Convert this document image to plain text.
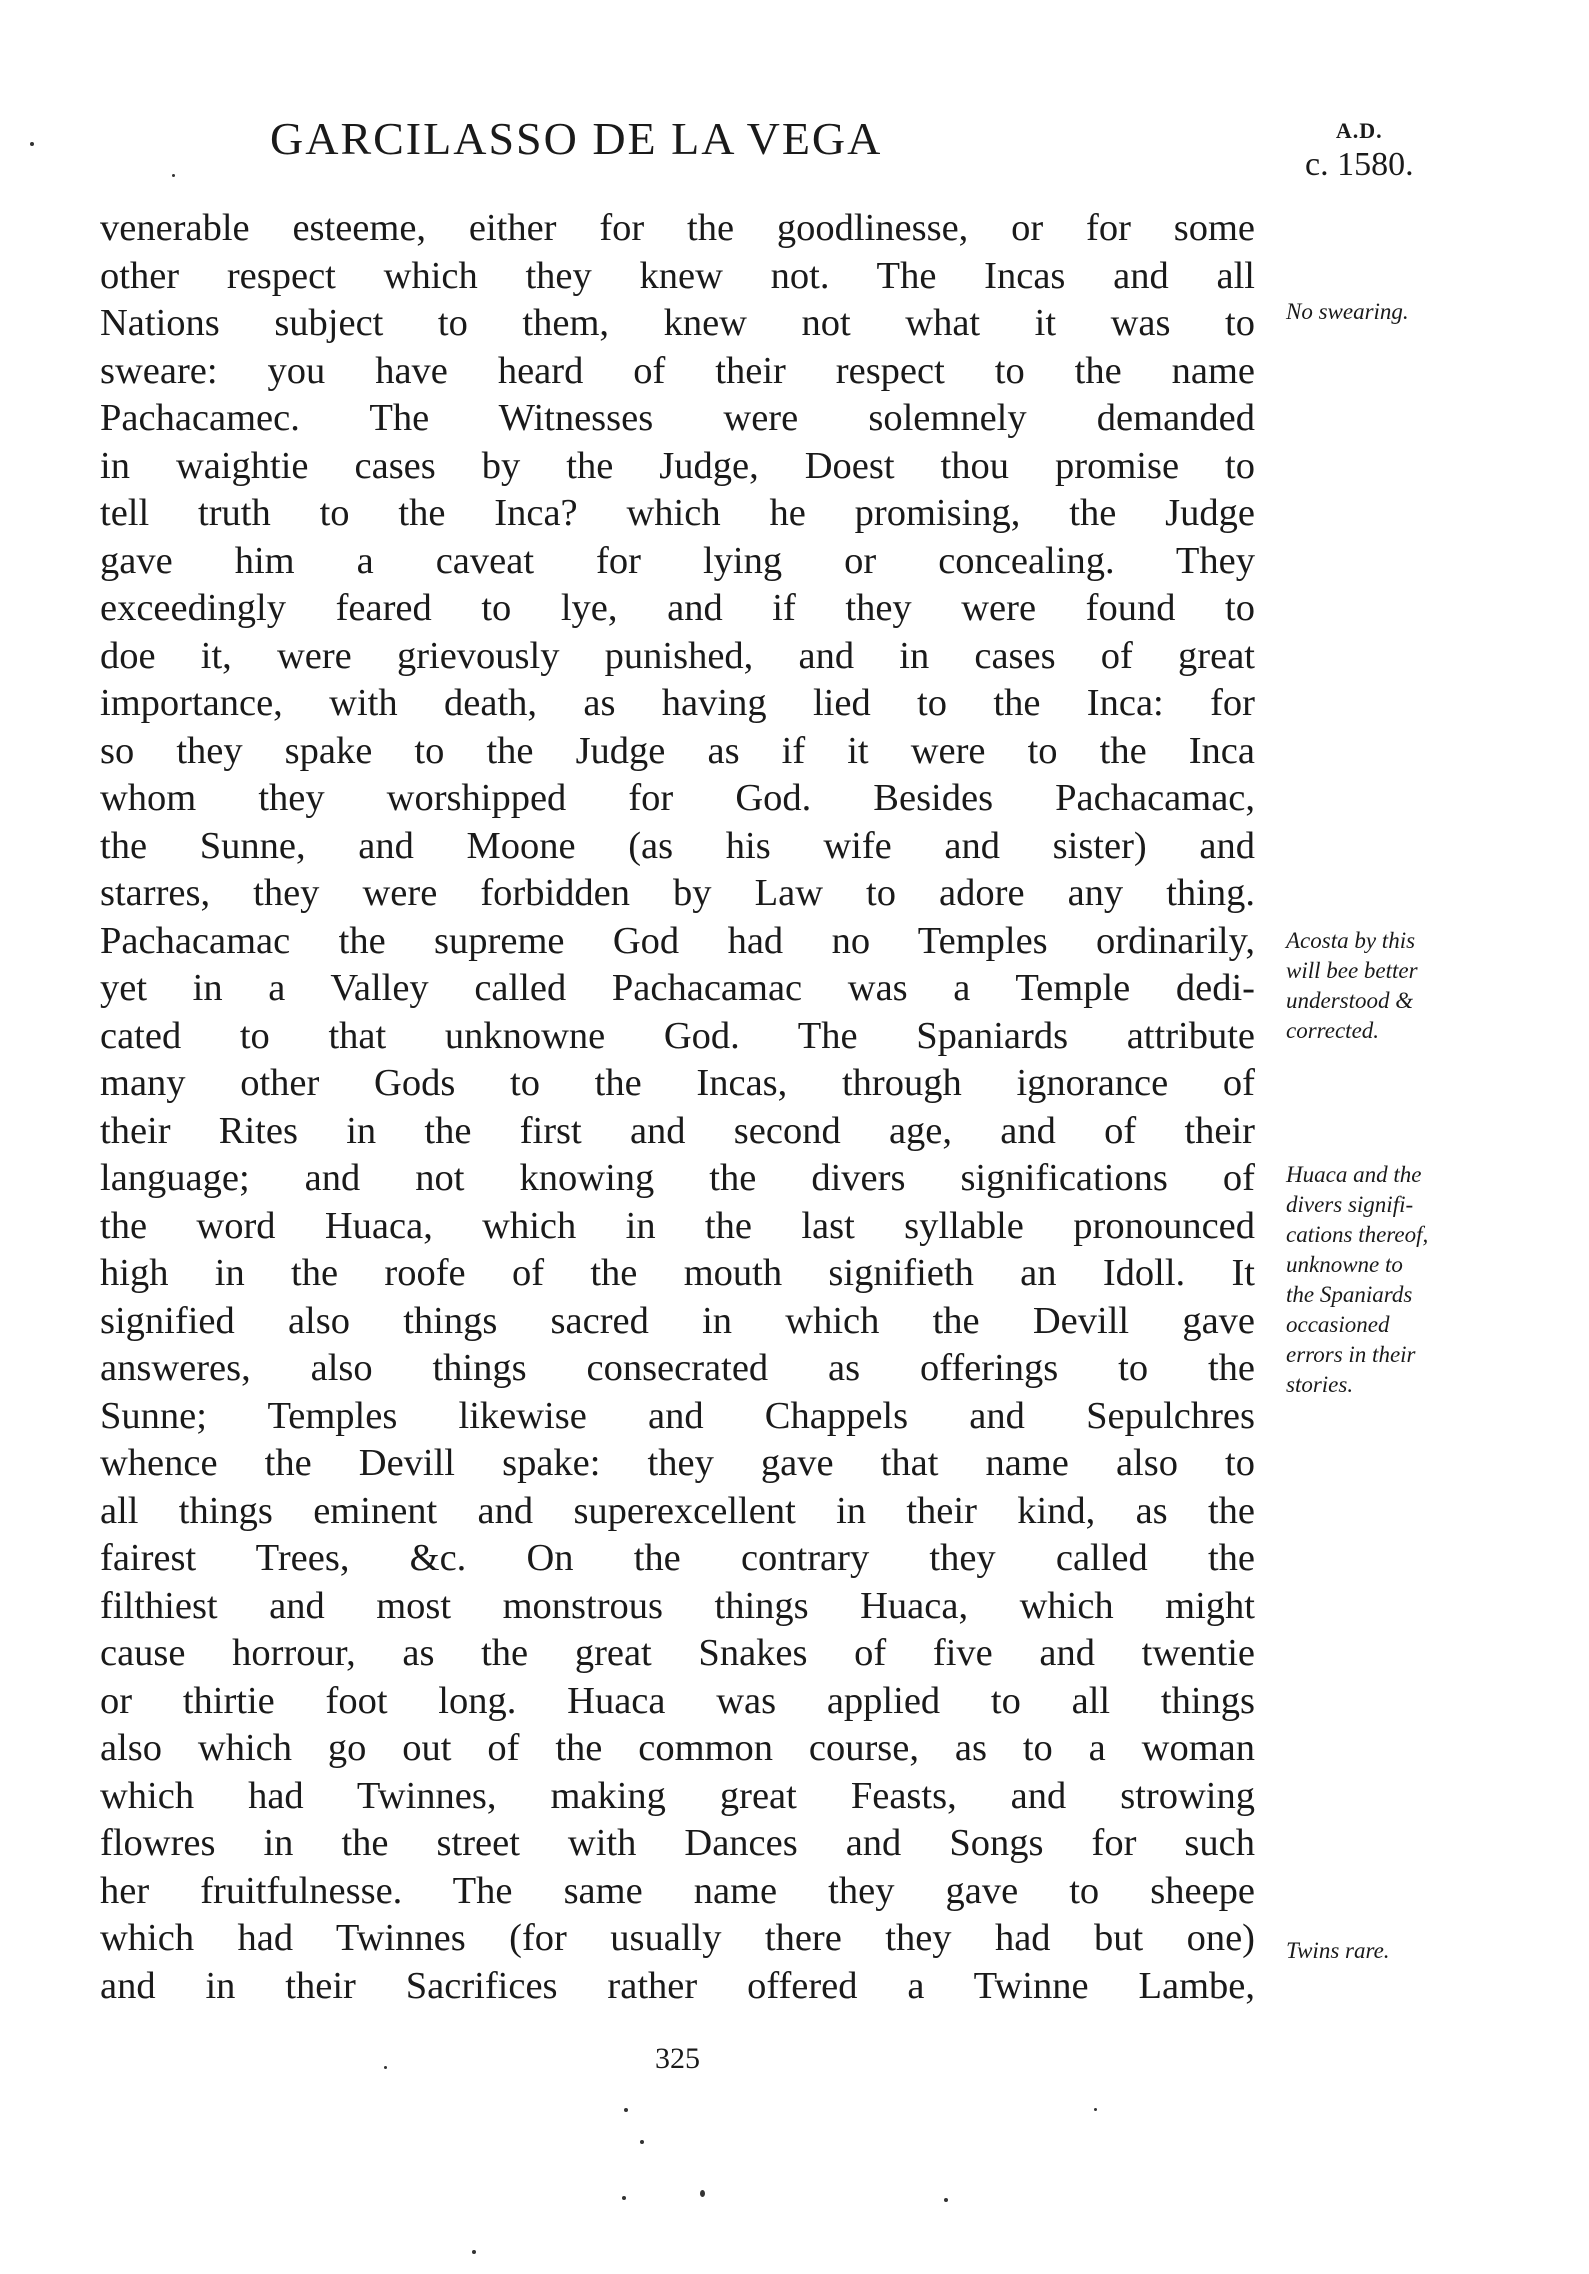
GARCILASSO DE LA VEGA	A.D.
c. 1580.
venerable esteeme, either for the goodlinesse, or for some
other respect which they knew not. The Incas and all
Nations subject to them, knew not what it was to
sweare: you have heard of their respect to the name
Pachacamec. The Witnesses were solemnely demanded
in waightie cases by the Judge, Doest thou promise to
tell truth to the Inca? which he promising, the Judge
gave him a caveat for lying or concealing. They
exceedingly feared to lye, and if they were found to
doe it, were grievously punished, and in cases of great
importance, with death, as having lied to the Inca: for
so they spake to the Judge as if it were to the Inca
whom they worshipped for God. Besides Pachacamac,
the Sunne, and Moone (as his wife and sister) and
starres, they were forbidden by Law to adore any thing.
Pachacamac the supreme God had no Temples ordinarily,
yet in a Valley called Pachacamac was a Temple dedi-
cated to that unknowne God. The Spaniards attribute
many other Gods to the Incas, through ignorance of
their Rites in the first and second age, and of their
language; and not knowing the divers significations of
the word Huaca, which in the last syllable pronounced
high in the roofe of the mouth signifieth an Idoll. It
signified also things sacred in which the Devill gave
answeres, also things consecrated as offerings to the
Sunne; Temples likewise and Chappels and Sepulchres
whence the Devill spake: they gave that name also to
all things eminent and superexcellent in their kind, as the
fairest Trees, &c. On the contrary they called the
filthiest and most monstrous things Huaca, which might
cause horrour, as the great Snakes of five and twentie
or thirtie foot long. Huaca was applied to all things
also which go out of the common course, as to a woman
which had Twinnes, making great Feasts, and strowing
flowres in the street with Dances and Songs for such
her fruitfulnesse. The same name they gave to sheepe
which had Twinnes (for usually there they had but one)
and in their Sacrifices rather offered a Twinne Lambe,
No swearing.
Acosta by this
will bee better
understood &
corrected.
Huaca and the
divers signifi-
cations thereof,
unknowne to
the Spaniards
occasioned
errors in their
stories.
Twins rare.
325
